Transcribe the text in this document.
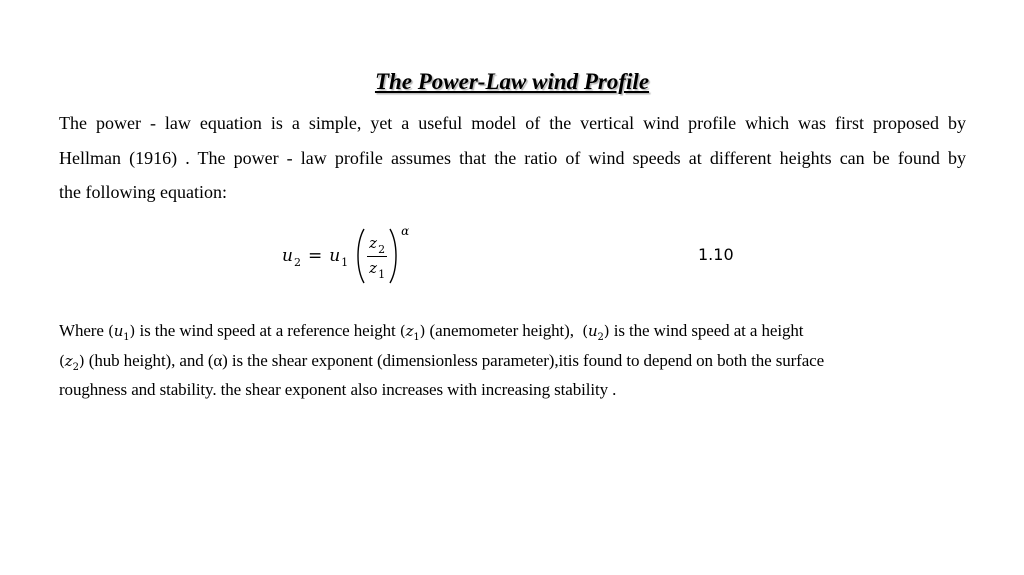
The Power-Law wind Profile
The power - law equation is a simple, yet a useful model of the vertical wind profile which was first proposed by
Hellman (1916) . The power - law profile assumes that the ratio of wind speeds at different heights can be found by
the following equation:
$u_2 = u_1 \frac{z_2}{z_1}$
α
1.10
Where $(u_1)$ is the wind speed at a reference height $(z_1)$ (anemometer height),  $(u_2)$ is the wind speed at a height
$(z_2)$ (hub height), and (α) is the shear exponent (dimensionless parameter),itis found to depend on both the surface
roughness and stability. the shear exponent also increases with increasing stability .
